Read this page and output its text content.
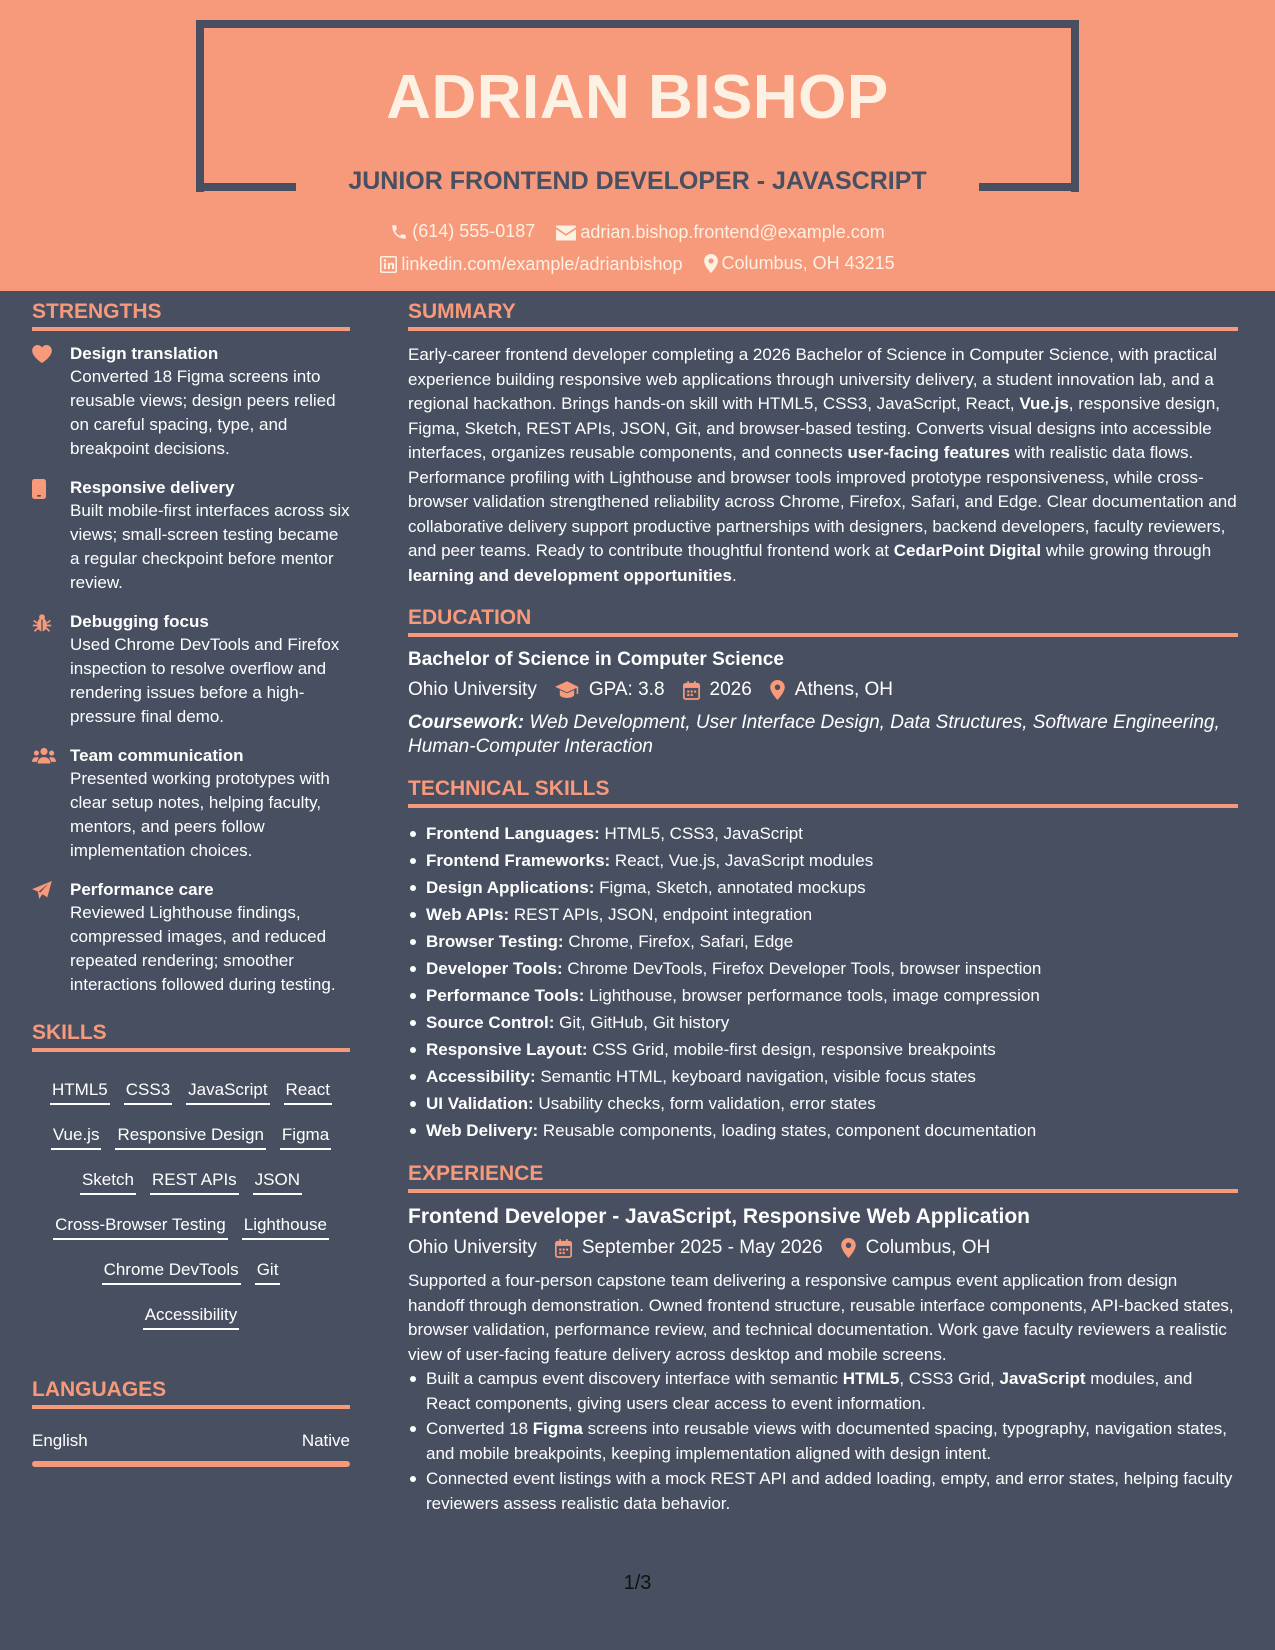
ADRIAN BISHOP
JUNIOR FRONTEND DEVELOPER - JAVASCRIPT
(614) 555-0187
	adrian.bishop.frontend@example.com
linkedin.com/example/adrianbishop
Columbus, OH 43215
STRENGTHS
Design translation
Converted 18 Figma screens into reusable views; design peers relied on careful spacing, type, and breakpoint decisions.
Responsive delivery
Built mobile-first interfaces across six views; small-screen testing became a regular checkpoint before mentor review.
Debugging focus
Used Chrome DevTools and Firefox inspection to resolve overflow and rendering issues before a high-pressure final demo.
Team communication
Presented working prototypes with clear setup notes, helping faculty, mentors, and peers follow implementation choices.
Performance care
Reviewed Lighthouse findings, compressed images, and reduced repeated rendering; smoother interactions followed during testing.
SKILLS
HTML5 CSS3 JavaScript React
Vue.js Responsive Design Figma
Sketch REST APIs JSON
Cross-Browser Testing Lighthouse
Chrome DevTools Git
Accessibility
LANGUAGES
English	Native
SUMMARY
Early-career frontend developer completing a 2026 Bachelor of Science in Computer Science, with practical experience building responsive web applications through university delivery, a student innovation lab, and a regional hackathon. Brings hands-on skill with HTML5, CSS3, JavaScript, React, Vue.js, responsive design, Figma, Sketch, REST APIs, JSON, Git, and browser-based testing. Converts visual designs into accessible interfaces, organizes reusable components, and connects user-facing features with realistic data flows. Performance profiling with Lighthouse and browser tools improved prototype responsiveness, while cross-browser validation strengthened reliability across Chrome, Firefox, Safari, and Edge. Clear documentation and collaborative delivery support productive partnerships with designers, backend developers, faculty reviewers, and peer teams. Ready to contribute thoughtful frontend work at CedarPoint Digital while growing through learning and development opportunities.
EDUCATION
Bachelor of Science in Computer Science
Ohio University	GPA: 3.8 2026 Athens, OH
Coursework: Web Development, User Interface Design, Data Structures, Software Engineering, Human-Computer Interaction
TECHNICAL SKILLS
Frontend Languages: HTML5, CSS3, JavaScript
Frontend Frameworks: React, Vue.js, JavaScript modules
Design Applications: Figma, Sketch, annotated mockups
Web APIs: REST APIs, JSON, endpoint integration
Browser Testing: Chrome, Firefox, Safari, Edge
Developer Tools: Chrome DevTools, Firefox Developer Tools, browser inspection
Performance Tools: Lighthouse, browser performance tools, image compression
Source Control: Git, GitHub, Git history
Responsive Layout: CSS Grid, mobile-first design, responsive breakpoints
Accessibility: Semantic HTML, keyboard navigation, visible focus states
UI Validation: Usability checks, form validation, error states
Web Delivery: Reusable components, loading states, component documentation
EXPERIENCE
Frontend Developer - JavaScript, Responsive Web Application
Ohio University September 2025 - May 2026 Columbus, OH
Supported a four-person capstone team delivering a responsive campus event application from design handoff through demonstration. Owned frontend structure, reusable interface components, API-backed states, browser validation, performance review, and technical documentation. Work gave faculty reviewers a realistic view of user-facing feature delivery across desktop and mobile screens.
Built a campus event discovery interface with semantic HTML5, CSS3 Grid, JavaScript modules, and React components, giving users clear access to event information.
Converted 18 Figma screens into reusable views with documented spacing, typography, navigation states, and mobile breakpoints, keeping implementation aligned with design intent.
Connected event listings with a mock REST API and added loading, empty, and error states, helping faculty reviewers assess realistic data behavior.
1/3
